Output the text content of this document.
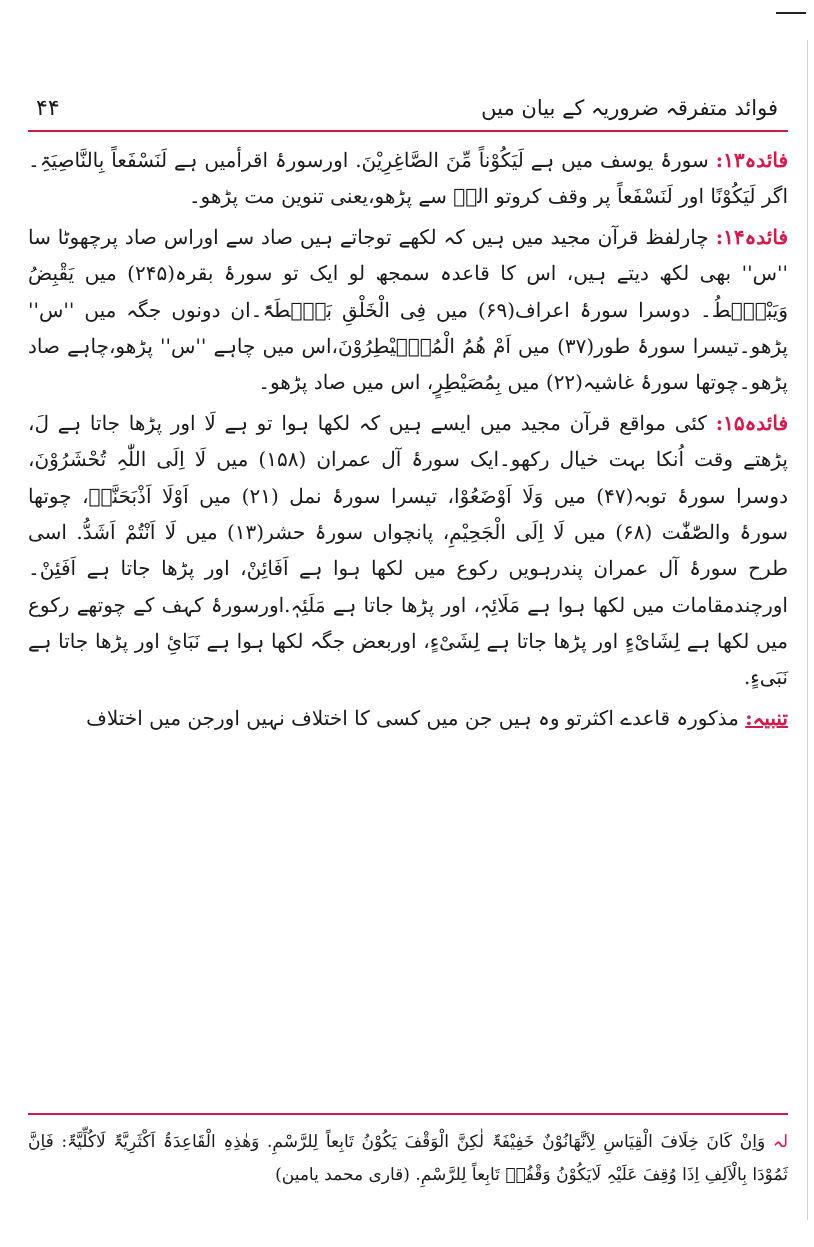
فوائد متفرقہ ضروریہ کے بیان میں
۴۴

فائدہ۱۳: سورۂ یوسف میں ہے لَیَکُوْناً مِّنَ الصَّاغِرِیْنَ. اورسورۂ اقرأمیں ہے لَنَسْفَعاً بِالنَّاصِیَۃِ۔ اگر لَیَکُوْنًا اور لَنَسْفَعاً پر وقف کروتو الفؔ سے پڑھو،یعنی تنوین مت پڑھو۔

فائدہ۱۴: چارلفظ قرآن مجید میں ہیں کہ لکھے توجاتے ہیں صاد سے اوراس صاد پرچھوٹا سا ''س'' بھی لکھ دیتے ہیں، اس کا قاعدہ سمجھ لو ایک تو سورۂ بقرہ(۲۴۵) میں یَقْبِضُ وَیَبْصُۜطُ۔ دوسرا سورۂ اعراف(۶۹) میں فِی الْخَلْقِ بَصْۜطَۃً۔ان دونوں جگہ میں ''س'' پڑھو۔تیسرا سورۂ طور(۳۷) میں اَمْ ھُمُ الْمُصَۜیْطِرُوْنَ،اس میں چاہے ''س'' پڑھو،چاہے صاد پڑھو۔چوتھا سورۂ غاشیہ(۲۲) میں بِمُصَیْطِرٍ، اس میں صاد پڑھو۔

فائدہ۱۵: کئی مواقع قرآن مجید میں ایسے ہیں کہ لکھا ہوا تو ہے لَا اور پڑھا جاتا ہے لَ، پڑھتے وقت اُنکا بہت خیال رکھو۔ایک سورۂ آل عمران (۱۵۸) میں لَا اِلَی اللّٰہِ تُحْشَرُوْنَ، دوسرا سورۂ توبہ(۴۷) میں وَلَا اَوْضَعُوْا، تیسرا سورۂ نمل (۲۱) میں اَوْلَا اَذْبَحَنَّہٗ، چوتھا سورۂ والصّٰفّٰت (۶۸) میں لَا اِلَی الْجَحِیْمِ، پانچواں سورۂ حشر(۱۳) میں لَا اَنْتُمْ اَشَدُّ. اسی طرح سورۂ آل عمران پندرہویں رکوع میں لکھا ہوا ہے اَفَائِنْ، اور پڑھا جاتا ہے اَفَئِنْ۔اورچندمقامات میں لکھا ہوا ہے مَلَائِہٖ، اور پڑھا جاتا ہے مَلَئِہٖ.اورسورۂ کہف کے چوتھے رکوع میں لکھا ہے لِشَایْءٍ اور پڑھا جاتا ہے لِشَیْءٍ، اوربعض جگہ لکھا ہوا ہے نَبَائِ اور پڑھا جاتا ہے نَبَیءٍ.

تنبیہ: مذکورہ قاعدے اکثرتو وہ ہیں جن میں کسی کا اختلاف نہیں اورجن میں اختلاف

لہ وَاِنْ کَانَ خِلَافَ الْقِیَاسِ لِاَنَّھَانُوْنٌ خَفِیْفَۃٌ لٰکِنَّ الْوَقْفَ یَکُوْنُ تَابِعاً لِلرَّسْمِ. وَھٰذِہِ الْقَاعِدَۃُ اَکْثَرِیَّۃٌ لَاکُلِّیَّۃٌ: فَاِنَّ ثَمُوْدَا بِالْاَلِفِ اِذَا وُقِفَ عَلَیْہِ لَایَکُوْنُ وَقْفُہٗ تَابِعاً لِلرَّسْمِ. (قاری محمد یامین)
